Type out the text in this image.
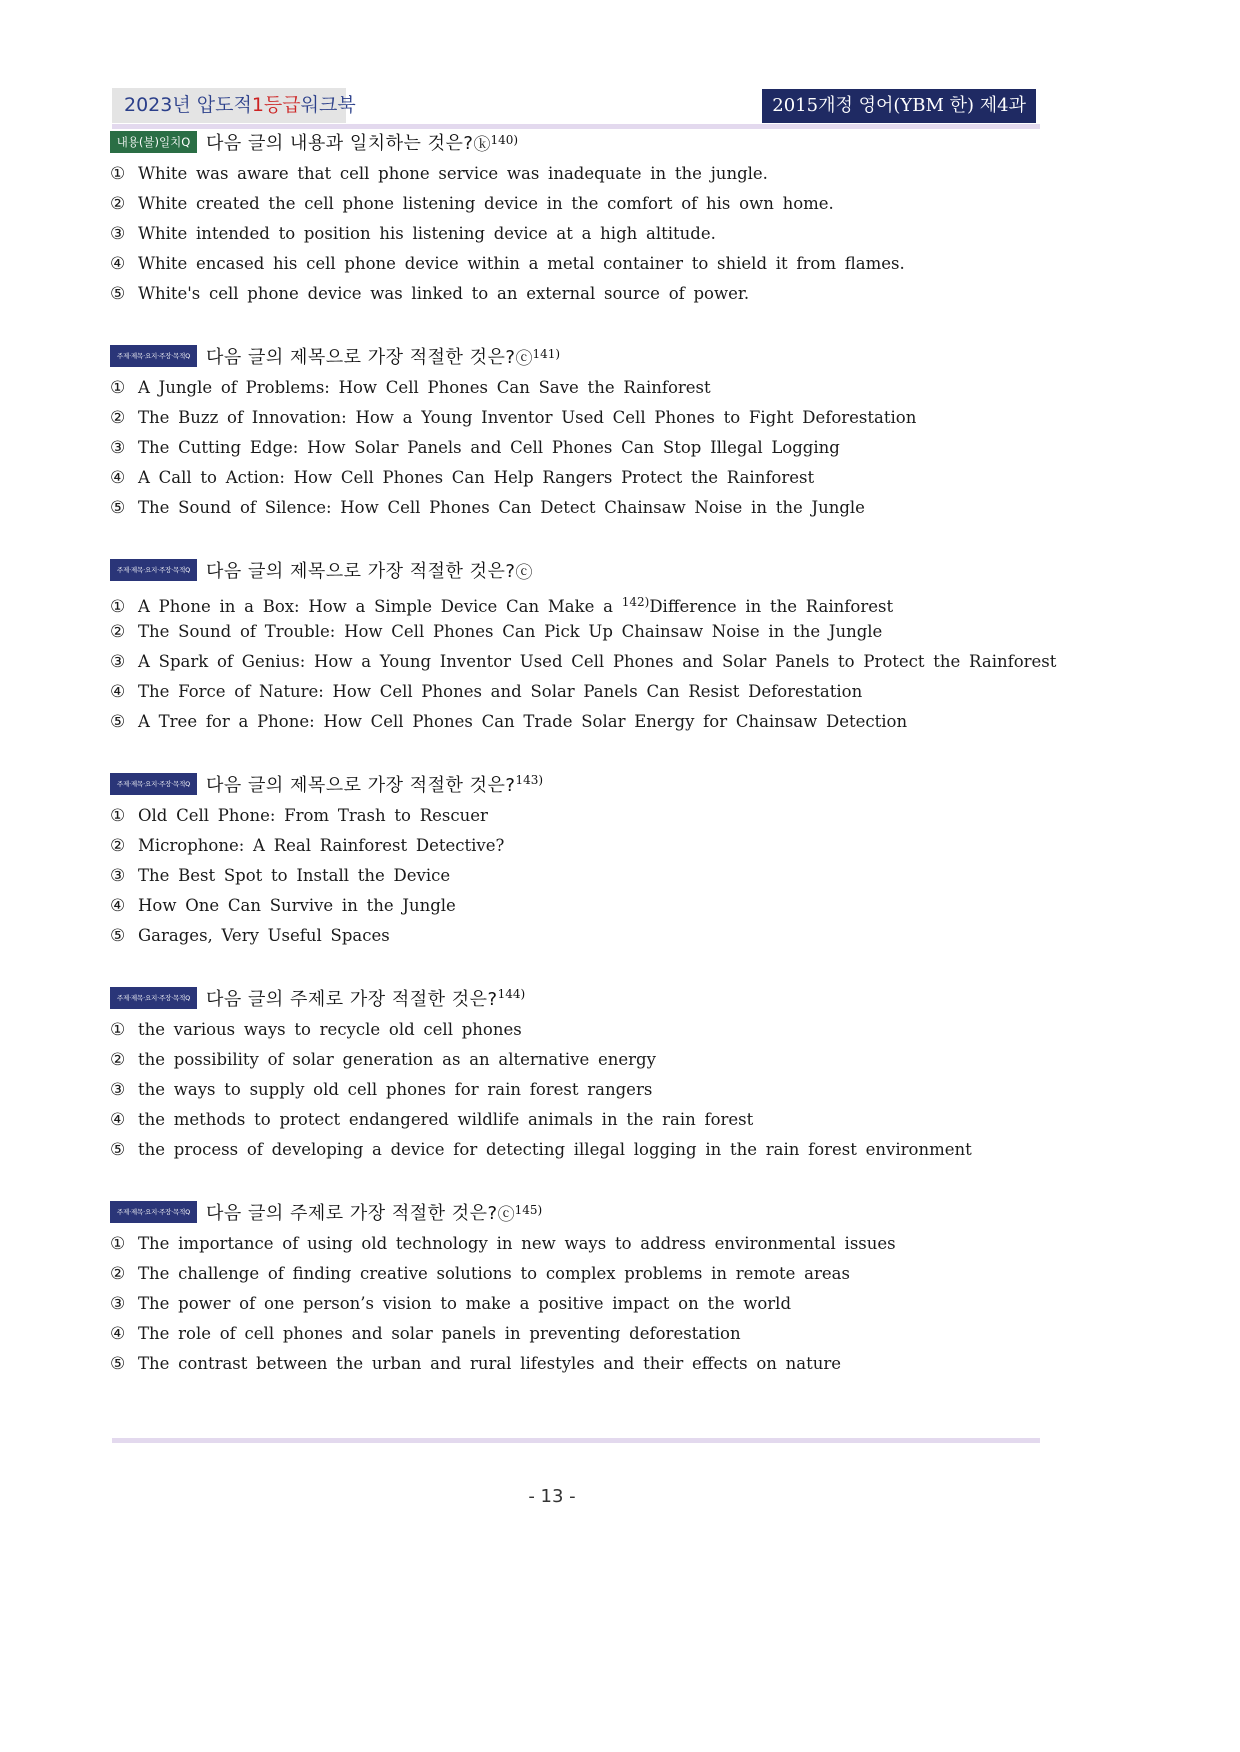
2023년 압도적1등급워크북	2015개정 영어(YBM 한) 제4과
내용(불)일치Q 다음 글의 내용과 일치하는 것은? ⓚ$^{140)}$
① White was aware that cell phone service was inadequate in the jungle.
② White created the cell phone listening device in the comfort of his own home.
③ White intended to position his listening device at a high altitude.
④ White encased his cell phone device within a metal container to shield it from flames.
⑤ White's cell phone device was linked to an external source of power.
주제·제목·요지·주장·목적Q 다음 글의 제목으로 가장 적절한 것은? ⓒ$^{141)}$
① A Jungle of Problems: How Cell Phones Can Save the Rainforest
② The Buzz of Innovation: How a Young Inventor Used Cell Phones to Fight Deforestation
③ The Cutting Edge: How Solar Panels and Cell Phones Can Stop Illegal Logging
④ A Call to Action: How Cell Phones Can Help Rangers Protect the Rainforest
⑤ The Sound of Silence: How Cell Phones Can Detect Chainsaw Noise in the Jungle
주제·제목·요지·주장·목적Q 다음 글의 제목으로 가장 적절한 것은? ⓒ
① A Phone in a Box: How a Simple Device Can Make a $^{142)}$Difference in the Rainforest
② The Sound of Trouble: How Cell Phones Can Pick Up Chainsaw Noise in the Jungle
③ A Spark of Genius: How a Young Inventor Used Cell Phones and Solar Panels to Protect the Rainforest
④ The Force of Nature: How Cell Phones and Solar Panels Can Resist Deforestation
⑤ A Tree for a Phone: How Cell Phones Can Trade Solar Energy for Chainsaw Detection
주제·제목·요지·주장·목적Q 다음 글의 제목으로 가장 적절한 것은? $^{143)}$
① Old Cell Phone: From Trash to Rescuer
② Microphone: A Real Rainforest Detective?
③ The Best Spot to Install the Device
④ How One Can Survive in the Jungle
⑤ Garages, Very Useful Spaces
주제·제목·요지·주장·목적Q 다음 글의 주제로 가장 적절한 것은? $^{144)}$
① the various ways to recycle old cell phones
② the possibility of solar generation as an alternative energy
③ the ways to supply old cell phones for rain forest rangers
④ the methods to protect endangered wildlife animals in the rain forest
⑤ the process of developing a device for detecting illegal logging in the rain forest environment
주제·제목·요지·주장·목적Q 다음 글의 주제로 가장 적절한 것은? ⓒ$^{145)}$
① The importance of using old technology in new ways to address environmental issues
② The challenge of finding creative solutions to complex problems in remote areas
③ The power of one person’s vision to make a positive impact on the world
④ The role of cell phones and solar panels in preventing deforestation
⑤ The contrast between the urban and rural lifestyles and their effects on nature
- 13 -
